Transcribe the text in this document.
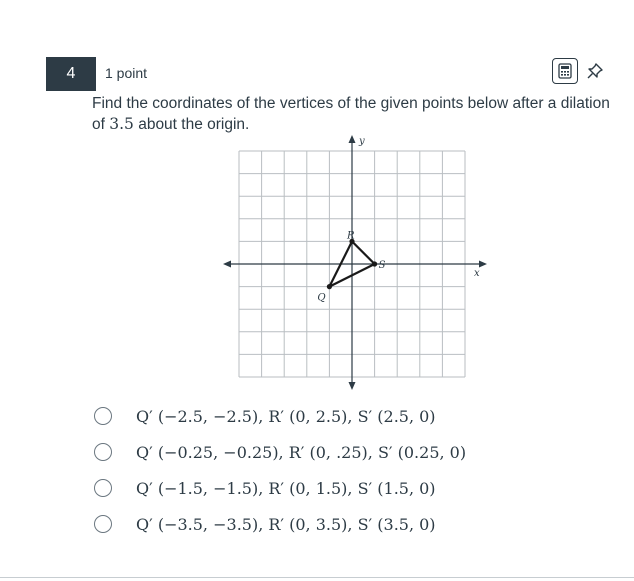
4	1 point
Find the coordinates of the vertices of the given points below after a dilation of 3.5 about the origin.
x
y
Q
R
S
Q′ (−2.5, −2.5), R′ (0, 2.5), S′ (2.5, 0)
Q′ (−0.25, −0.25), R′ (0, .25), S′ (0.25, 0)
Q′ (−1.5, −1.5), R′ (0, 1.5), S′ (1.5, 0)
Q′ (−3.5, −3.5), R′ (0, 3.5), S′ (3.5, 0)
